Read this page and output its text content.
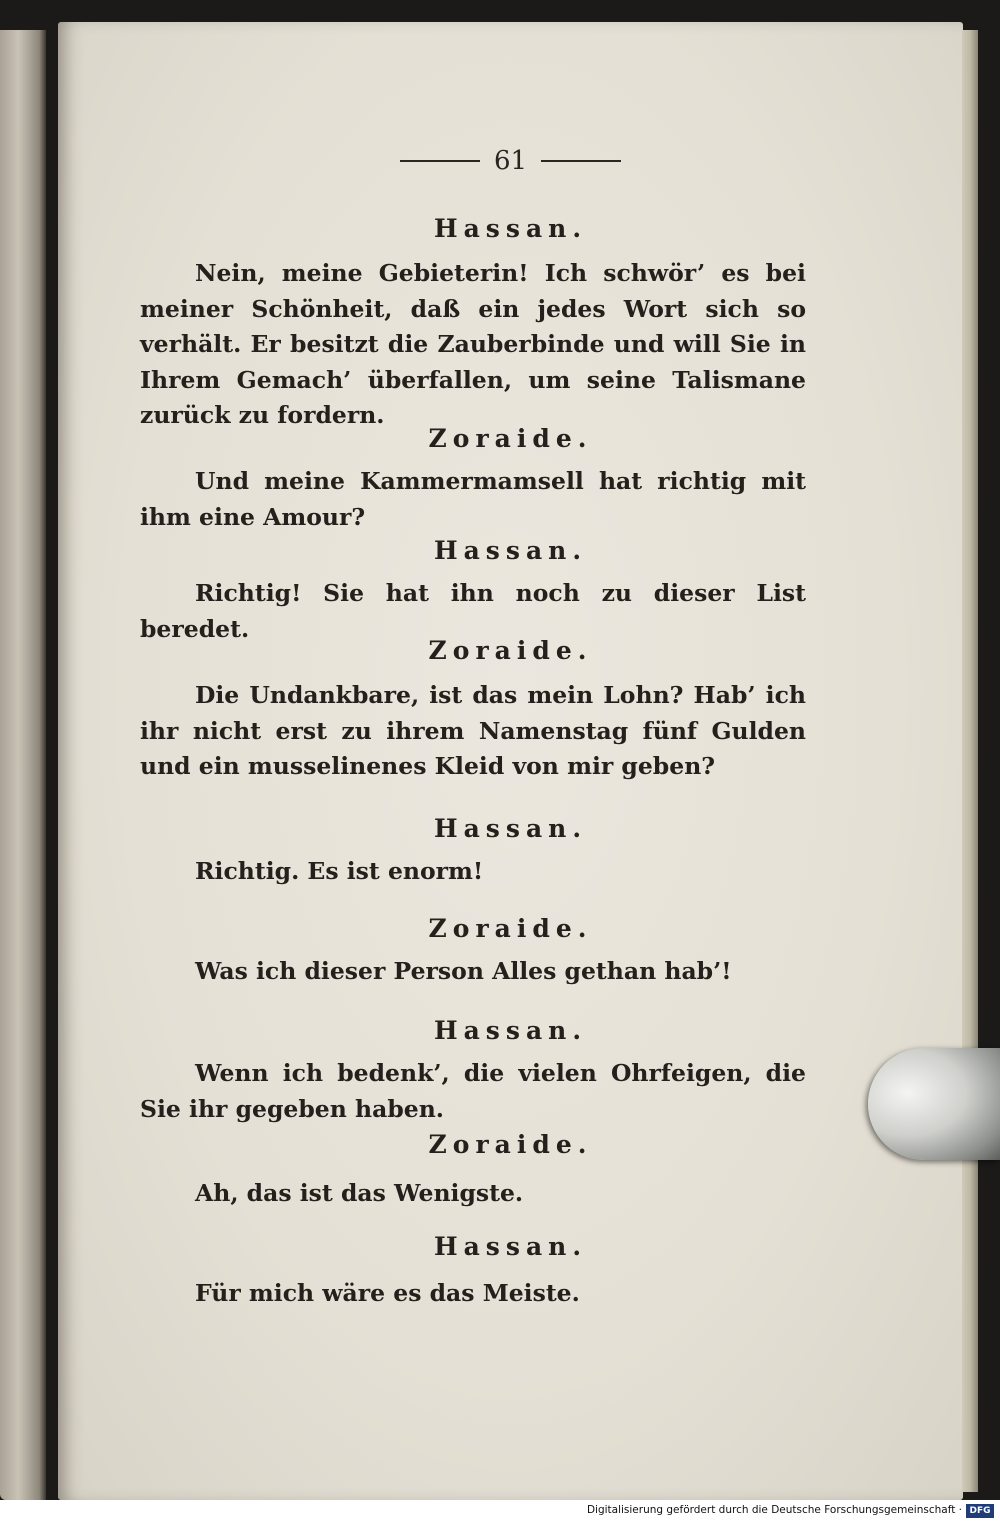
61
Hassan.

Nein, meine Gebieterin! Ich schwör’ es bei meiner Schönheit, daß ein jedes Wort sich so verhält. Er besitzt die Zauberbinde und will Sie in Ihrem Gemach’ überfallen, um seine Talismane zurück zu fordern.

Zoraide.

Und meine Kammermamsell hat richtig mit ihm eine Amour?

Hassan.

Richtig! Sie hat ihn noch zu dieser List beredet.

Zoraide.

Die Undankbare, ist das mein Lohn? Hab’ ich ihr nicht erst zu ihrem Namenstag fünf Gulden und ein musselinenes Kleid von mir geben?

Hassan.

Richtig. Es ist enorm!

Zoraide.

Was ich dieser Person Alles gethan hab’!

Hassan.

Wenn ich bedenk’, die vielen Ohrfeigen, die Sie ihr gegeben haben.

Zoraide.

Ah, das ist das Wenigste.

Hassan.

Für mich wäre es das Meiste.

Digitalisierung gefördert durch die Deutsche Forschungsgemeinschaft · DFG
